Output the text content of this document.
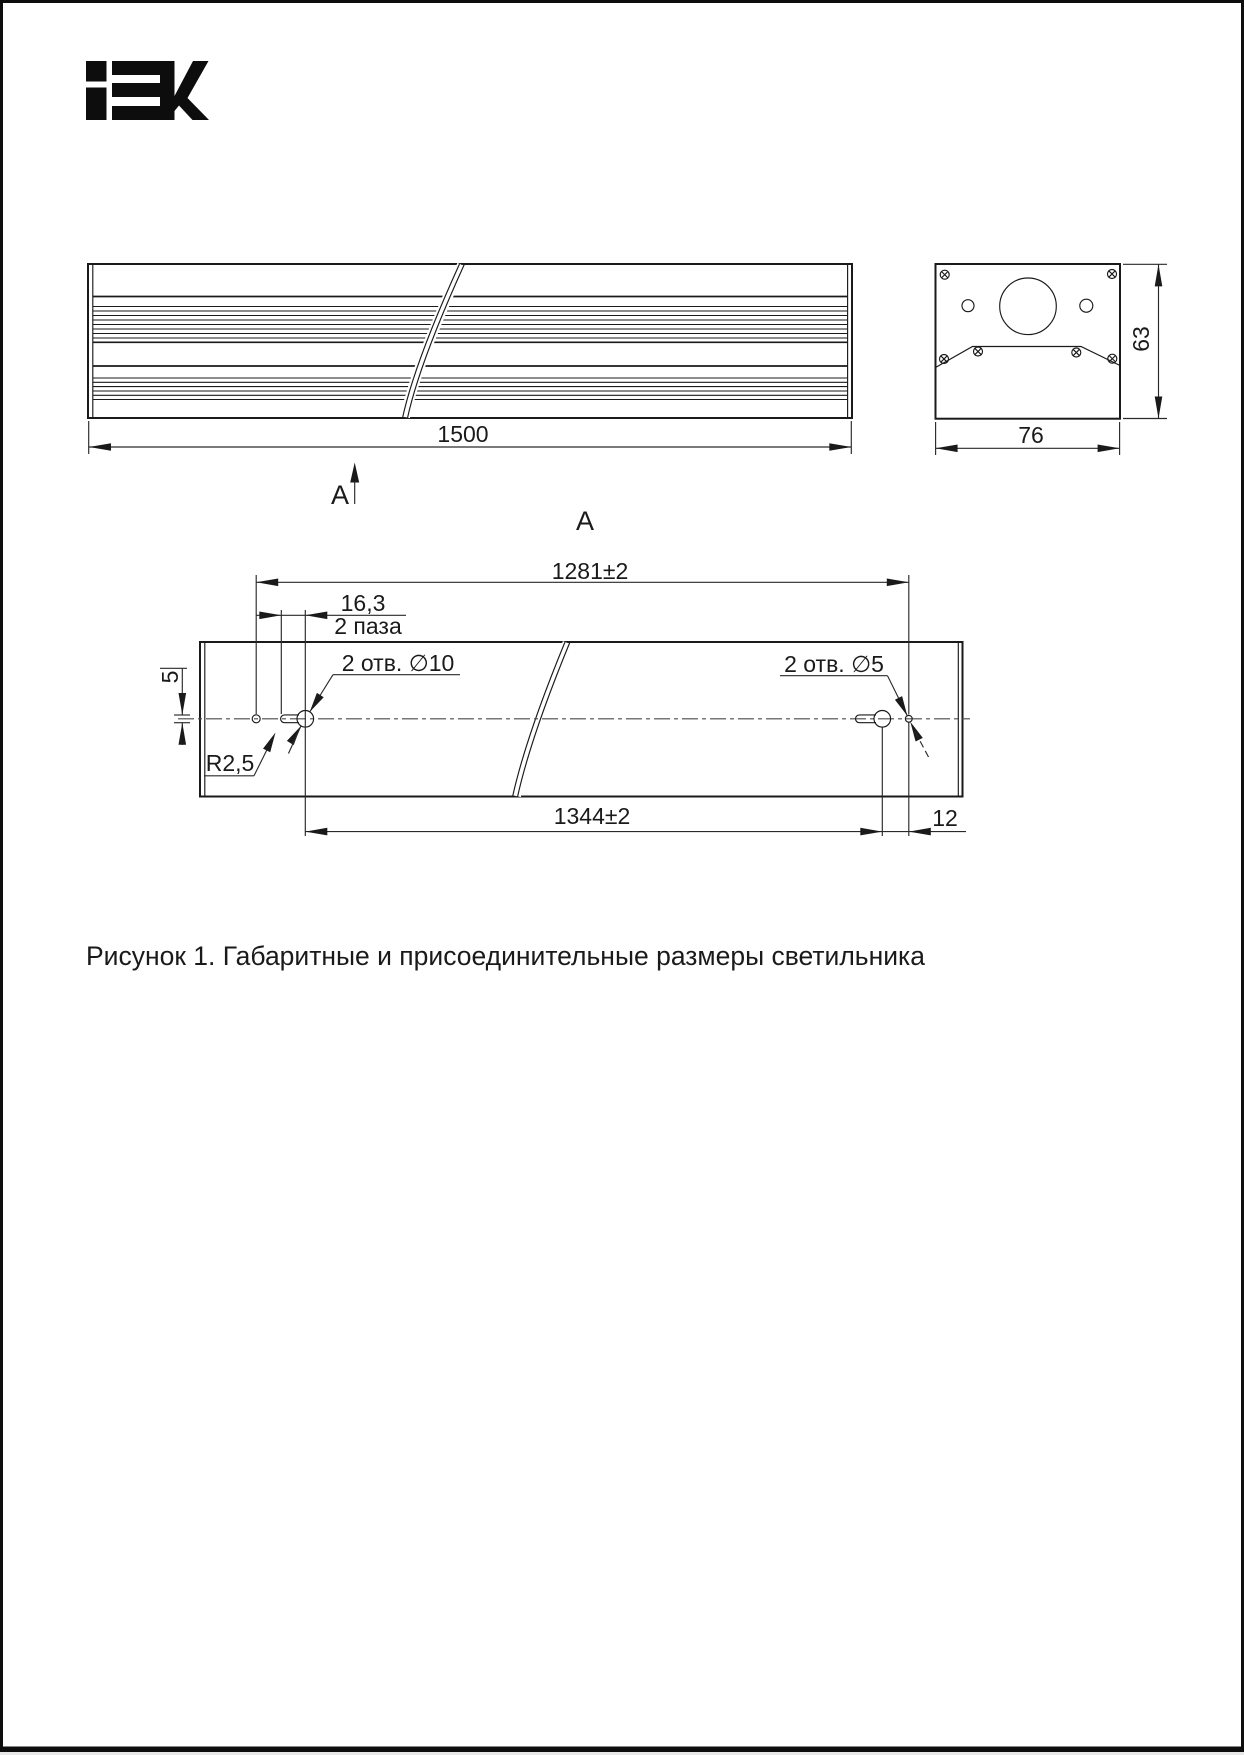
1500
A
76
63
A
1281±2
16,3
2 паза
2 отв. ∅10	2 отв. ∅5
5
R2,5
1344±2	12
Рисунок 1. Габаритные и присоединительные размеры светильника
